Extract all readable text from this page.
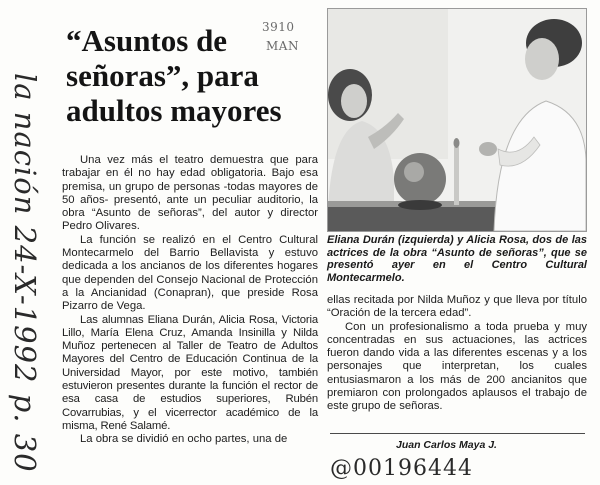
la nación 24-X-1992 p. 30
3910
MAN
“Asuntos de señoras”, para adultos mayores

Una vez más el teatro demuestra que para trabajar en él no hay edad obligatoria. Bajo esa premisa, un grupo de personas -todas mayores de 50 años- presentó, ante un peculiar auditorio, la obra “Asunto de señoras”, del autor y director Pedro Olivares.

La función se realizó en el Centro Cultural Montecarmelo del Barrio Bellavista y estuvo dedicada a los ancianos de los diferentes hogares que dependen del Consejo Nacional de Protección a la Ancianidad (Conapran), que preside Rosa Pizarro de Vega.

Las alumnas Eliana Durán, Alicia Rosa, Victoria Lillo, María Elena Cruz, Amanda Insinilla y Nilda Muñoz pertenecen al Taller de Teatro de Adultos Mayores del Centro de Educación Continua de la Universidad Mayor, por este motivo, también estuvieron presentes durante la función el rector de esa casa de estudios superiores, Rubén Covarrubias, y el vicerrector académico de la misma, René Salamé.

La obra se dividió en ocho partes, una de

Eliana Durán (izquierda) y Alicia Rosa, dos de las actrices de la obra “Asunto de señoras”, que se presentó ayer en el Centro Cultural Montecarmelo.

ellas recitada por Nilda Muñoz y que lleva por título “Oración de la tercera edad”.

Con un profesionalismo a toda prueba y muy concentradas en sus actuaciones, las actrices fueron dando vida a las diferentes escenas y a los personajes que interpretan, los cuales entusiasmaron a los más de 200 ancianitos que premiaron con prolongados aplausos el trabajo de este grupo de señoras.

Juan Carlos Maya J.
@00196444
